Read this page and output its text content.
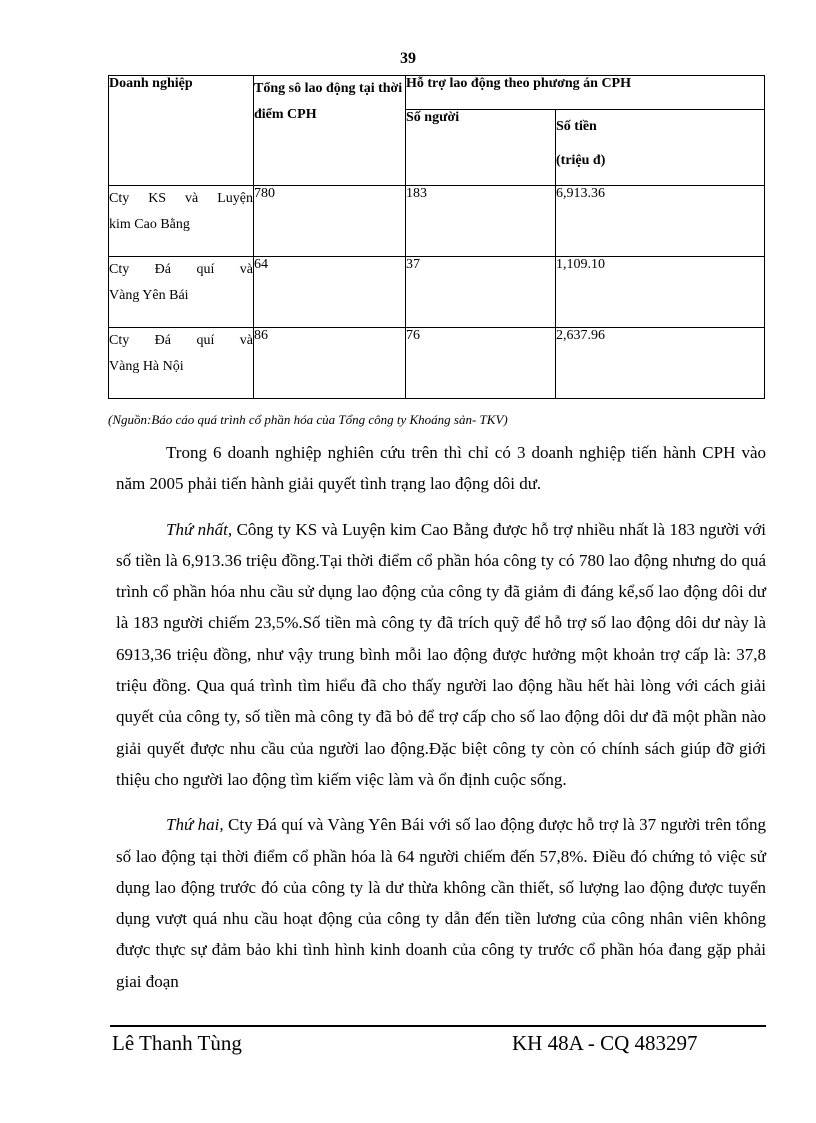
39
Doanh nghiệp	Tổng sô lao động tại thời điểm CPH	Hỗ trợ lao động theo phương án CPH	
		Số người	Số tiền
(triệu đ)

Cty KS và Luyện
kim Cao Bằng	780	183	6,913.36

Cty Đá quí và
Vàng Yên Bái	64	37	1,109.10

Cty Đá quí và
Vàng Hà Nội	86	76	2,637.96
(Nguồn:Báo cáo quá trình cổ phần hóa của Tổng công ty Khoáng sản- TKV)

Trong 6 doanh nghiệp nghiên cứu trên thì chỉ có 3 doanh nghiệp tiến hành CPH vào năm 2005 phải tiến hành giải quyết tình trạng lao động dôi dư.

Thứ nhất, Công ty KS và Luyện kim Cao Bằng được hỗ trợ nhiều nhất là 183 người với số tiền là 6,913.36 triệu đồng.Tại thời điểm cổ phần hóa công ty có 780 lao động nhưng do quá trình cổ phần hóa nhu cầu sử dụng lao động của công ty đã giảm đi đáng kể,số lao động dôi dư là 183 người chiếm 23,5%.Số tiền mà công ty đã trích quỹ để hỗ trợ số lao động dôi dư này là 6913,36 triệu đồng, như vậy trung bình mỗi lao động được hưởng một khoản trợ cấp là: 37,8 triệu đồng. Qua quá trình tìm hiểu đã cho thấy người lao động hầu hết hài lòng với cách giải quyết của công ty, số tiền mà công ty đã bỏ để trợ cấp cho số lao động dôi dư đã một phần nào giải quyết được nhu cầu của người lao động.Đặc biệt công ty còn có chính sách giúp đỡ giới thiệu cho người lao động tìm kiếm việc làm và ổn định cuộc sống.

Thứ hai, Cty Đá quí và Vàng Yên Bái với số lao động được hỗ trợ là 37 người trên tổng số lao động tại thời điểm cổ phần hóa là 64 người chiếm đến 57,8%. Điều đó chứng tỏ việc sử dụng lao động trước đó của công ty là dư thừa không cần thiết, số lượng lao động được tuyển dụng vượt quá nhu cầu hoạt động của công ty dẫn đến tiền lương của công nhân viên không được thực sự đảm bảo khi tình hình kinh doanh của công ty trước cổ phần hóa đang gặp phải giai đoạn

Lê Thanh Tùng	KH 48A - CQ 483297
